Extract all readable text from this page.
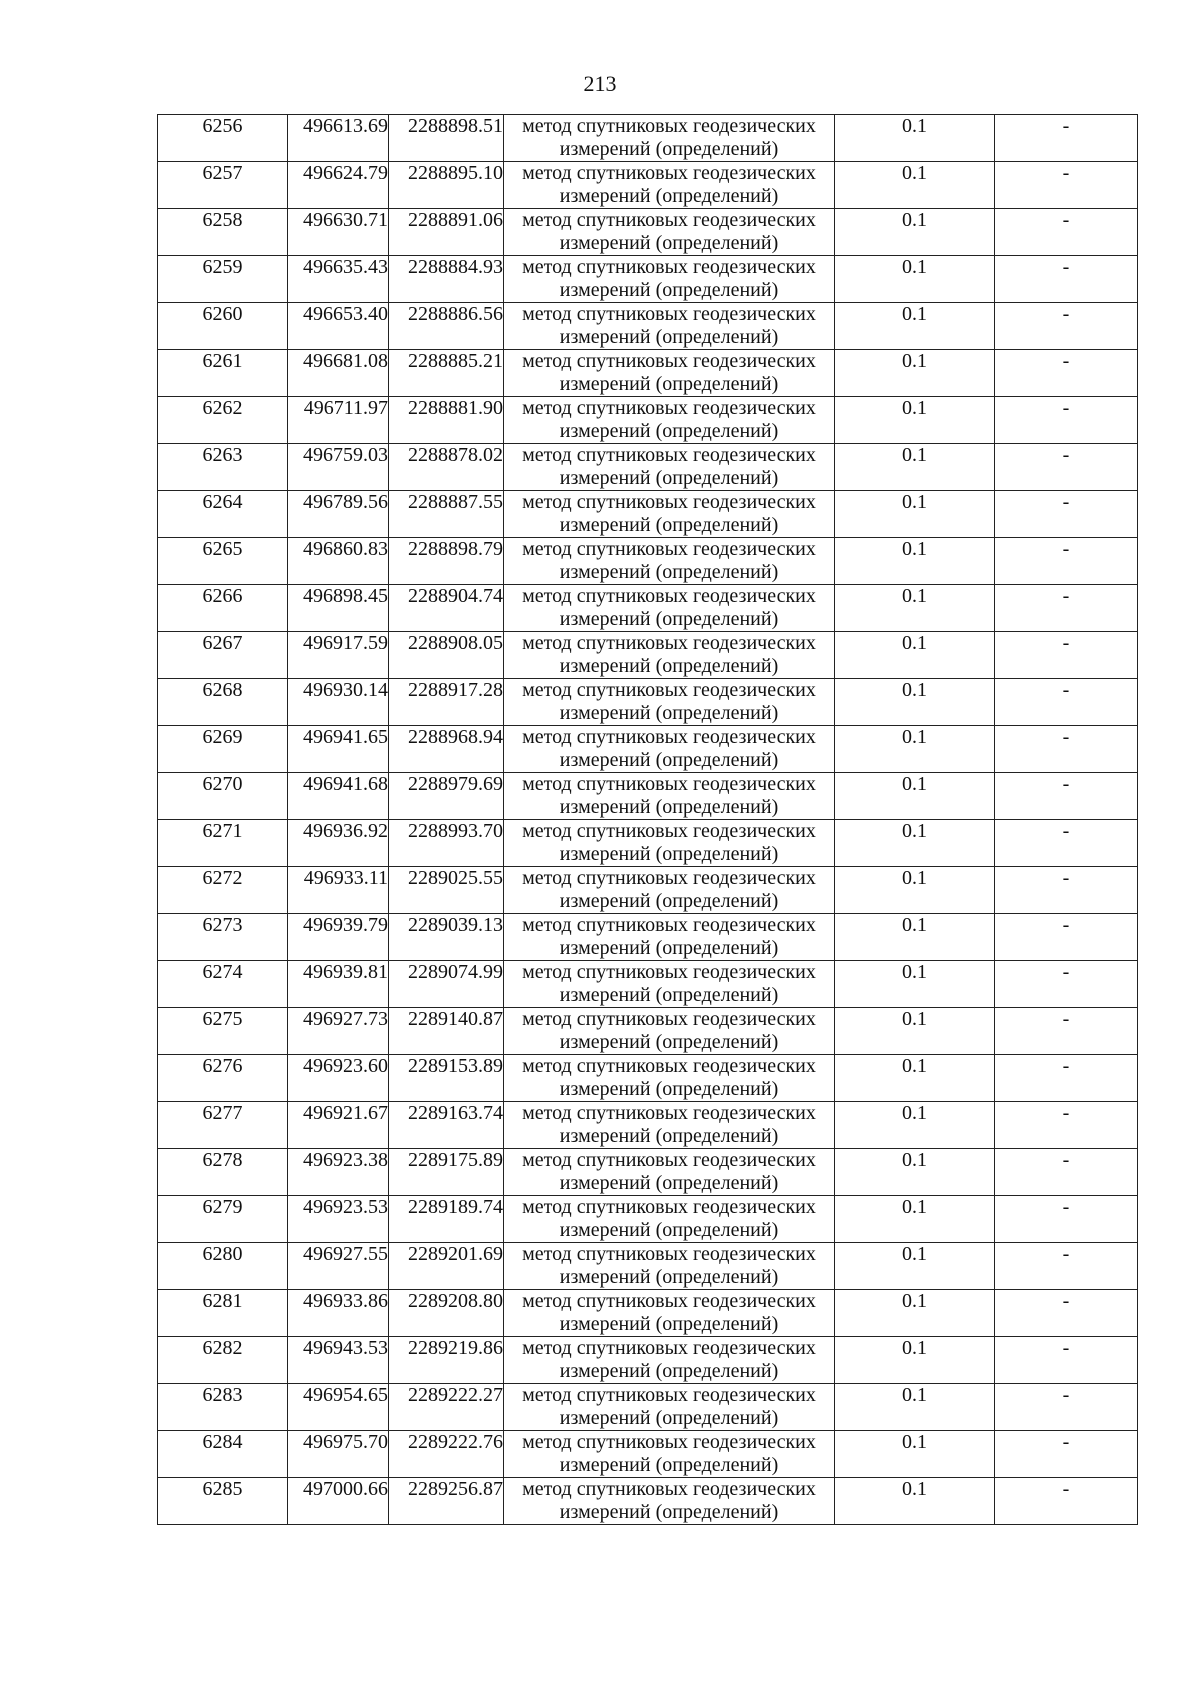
213
6256	496613.69	2288898.51	метод спутниковых геодезических
измерений (определений)	0.1	-
6257	496624.79	2288895.10	метод спутниковых геодезических
измерений (определений)	0.1	-
6258	496630.71	2288891.06	метод спутниковых геодезических
измерений (определений)	0.1	-
6259	496635.43	2288884.93	метод спутниковых геодезических
измерений (определений)	0.1	-
6260	496653.40	2288886.56	метод спутниковых геодезических
измерений (определений)	0.1	-
6261	496681.08	2288885.21	метод спутниковых геодезических
измерений (определений)	0.1	-
6262	496711.97	2288881.90	метод спутниковых геодезических
измерений (определений)	0.1	-
6263	496759.03	2288878.02	метод спутниковых геодезических
измерений (определений)	0.1	-
6264	496789.56	2288887.55	метод спутниковых геодезических
измерений (определений)	0.1	-
6265	496860.83	2288898.79	метод спутниковых геодезических
измерений (определений)	0.1	-
6266	496898.45	2288904.74	метод спутниковых геодезических
измерений (определений)	0.1	-
6267	496917.59	2288908.05	метод спутниковых геодезических
измерений (определений)	0.1	-
6268	496930.14	2288917.28	метод спутниковых геодезических
измерений (определений)	0.1	-
6269	496941.65	2288968.94	метод спутниковых геодезических
измерений (определений)	0.1	-
6270	496941.68	2288979.69	метод спутниковых геодезических
измерений (определений)	0.1	-
6271	496936.92	2288993.70	метод спутниковых геодезических
измерений (определений)	0.1	-
6272	496933.11	2289025.55	метод спутниковых геодезических
измерений (определений)	0.1	-
6273	496939.79	2289039.13	метод спутниковых геодезических
измерений (определений)	0.1	-
6274	496939.81	2289074.99	метод спутниковых геодезических
измерений (определений)	0.1	-
6275	496927.73	2289140.87	метод спутниковых геодезических
измерений (определений)	0.1	-
6276	496923.60	2289153.89	метод спутниковых геодезических
измерений (определений)	0.1	-
6277	496921.67	2289163.74	метод спутниковых геодезических
измерений (определений)	0.1	-
6278	496923.38	2289175.89	метод спутниковых геодезических
измерений (определений)	0.1	-
6279	496923.53	2289189.74	метод спутниковых геодезических
измерений (определений)	0.1	-
6280	496927.55	2289201.69	метод спутниковых геодезических
измерений (определений)	0.1	-
6281	496933.86	2289208.80	метод спутниковых геодезических
измерений (определений)	0.1	-
6282	496943.53	2289219.86	метод спутниковых геодезических
измерений (определений)	0.1	-
6283	496954.65	2289222.27	метод спутниковых геодезических
измерений (определений)	0.1	-
6284	496975.70	2289222.76	метод спутниковых геодезических
измерений (определений)	0.1	-
6285	497000.66	2289256.87	метод спутниковых геодезических
измерений (определений)	0.1	-
